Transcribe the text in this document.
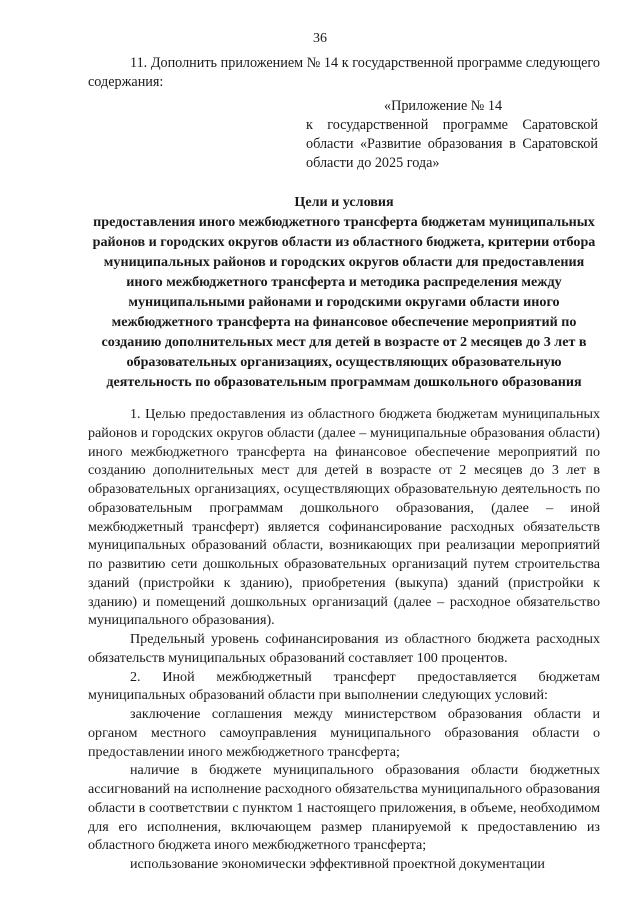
36
11. Дополнить приложением № 14 к государственной программе следующего содержания:
«Приложение № 14
к государственной программе Саратовской области «Развитие образования в Саратовской области до 2025 года»
Цели и условия
предоставления иного межбюджетного трансферта бюджетам муниципальных районов и городских округов области из областного бюджета, критерии отбора муниципальных районов и городских округов области для предоставления иного межбюджетного трансферта и методика распределения между муниципальными районами и городскими округами области иного межбюджетного трансферта на финансовое обеспечение мероприятий по созданию дополнительных мест для детей в возрасте от 2 месяцев до 3 лет в образовательных организациях, осуществляющих образовательную деятельность по образовательным программам дошкольного образования

1. Целью предоставления из областного бюджета бюджетам муниципальных районов и городских округов области (далее – муниципальные образования области) иного межбюджетного трансферта на финансовое обеспечение мероприятий по созданию дополнительных мест для детей в возрасте от 2 месяцев до 3 лет в образовательных организациях, осуществляющих образовательную деятельность по образовательным программам дошкольного образования, (далее – иной межбюджетный трансферт) является софинансирование расходных обязательств муниципальных образований области, возникающих при реализации мероприятий по развитию сети дошкольных образовательных организаций путем строительства зданий (пристройки к зданию), приобретения (выкупа) зданий (пристройки к зданию) и помещений дошкольных организаций (далее – расходное обязательство муниципального образования).

Предельный уровень софинансирования из областного бюджета расходных обязательств муниципальных образований составляет 100 процентов.

2. Иной межбюджетный трансферт предоставляется бюджетам муниципальных образований области при выполнении следующих условий:

заключение соглашения между министерством образования области и органом местного самоуправления муниципального образования области о предоставлении иного межбюджетного трансферта;

наличие в бюджете муниципального образования области бюджетных ассигнований на исполнение расходного обязательства муниципального образования области в соответствии с пунктом 1 настоящего приложения, в объеме, необходимом для его исполнения, включающем размер планируемой к предоставлению из областного бюджета иного межбюджетного трансферта;

использование экономически эффективной проектной документации
